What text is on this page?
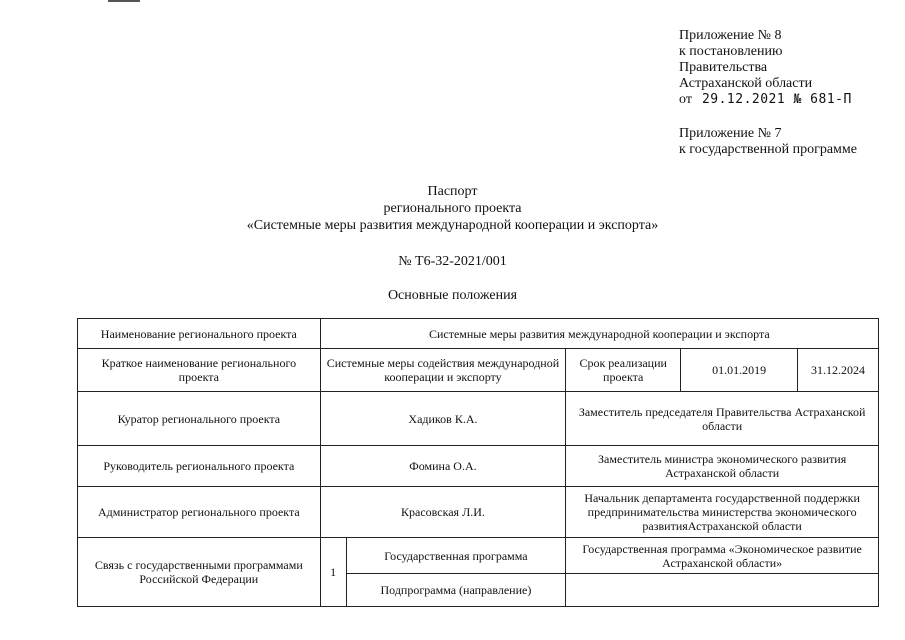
Приложение № 8
к постановлению
Правительства
Астраханской области
от 29.12.2021 № 681-П
Приложение № 7
к государственной программе
Паспорт
регионального проекта
«Системные меры развития международной кооперации и экспорта»
№ Т6-32-2021/001
Основные положения
Наименование регионального проекта	Системные меры развития международной кооперации и экспорта				
Краткое наименование регионального проекта	Системные меры содействия международной кооперации и экспорту		Срок реализации проекта	01.01.2019	31.12.2024
Куратор регионального проекта	Хадиков К.А.		Заместитель председателя Правительства Астраханской области		
Руководитель регионального проекта	Фомина О.А.		Заместитель министра экономического развития Астраханской области		
Администратор регионального проекта	Красовская Л.И.		Начальник департамента государственной поддержки предпринимательства министерства экономического развитияАстраханской области		
Связь с государственными программами Российской Федерации	1	Государственная программа	Государственная программа «Экономическое развитие Астраханской области»		
		Подпрограмма (направление)			
